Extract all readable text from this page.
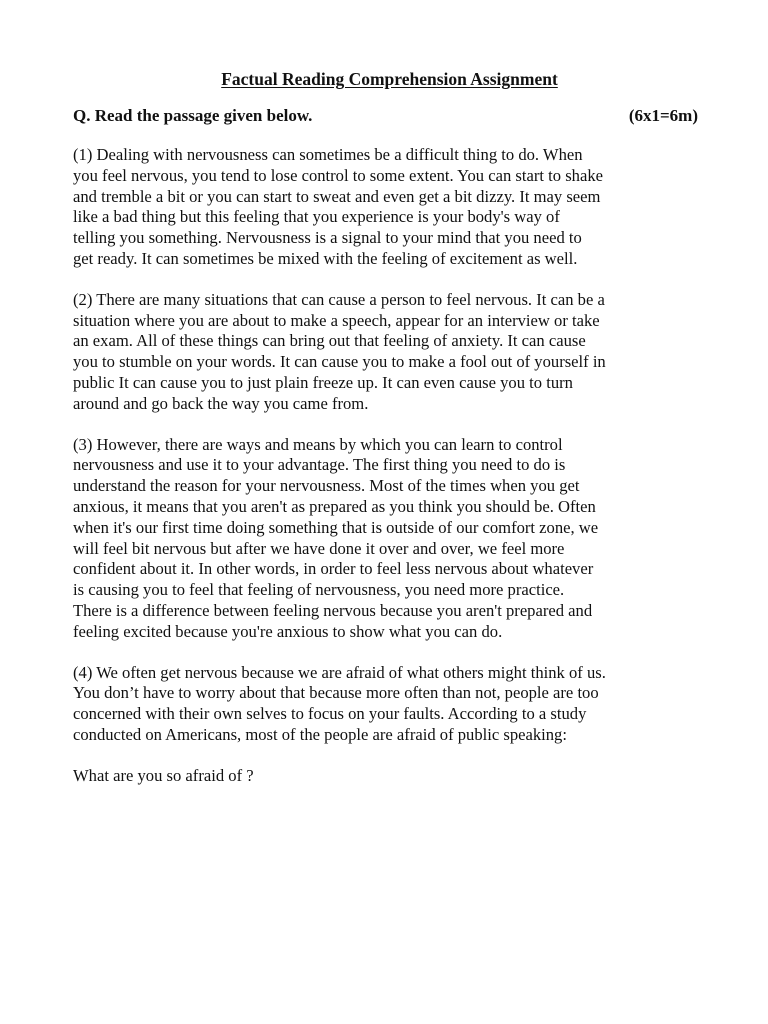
Factual Reading Comprehension Assignment
Q. Read the passage given below.	(6x1=6m)

(1) Dealing with nervousness can sometimes be a difficult thing to do. When
you feel nervous, you tend to lose control to some extent. You can start to shake
and tremble a bit or you can start to sweat and even get a bit dizzy. It may seem
like a bad thing but this feeling that you experience is your body's way of
telling you something. Nervousness is a signal to your mind that you need to
get ready. It can sometimes be mixed with the feeling of excitement as well.

(2) There are many situations that can cause a person to feel nervous. It can be a
situation where you are about to make a speech, appear for an interview or take
an exam. All of these things can bring out that feeling of anxiety. It can cause
you to stumble on your words. It can cause you to make a fool out of yourself in
public It can cause you to just plain freeze up. It can even cause you to turn
around and go back the way you came from.

(3) However, there are ways and means by which you can learn to control
nervousness and use it to your advantage. The first thing you need to do is
understand the reason for your nervousness. Most of the times when you get
anxious, it means that you aren't as prepared as you think you should be. Often
when it's our first time doing something that is outside of our comfort zone, we
will feel bit nervous but after we have done it over and over, we feel more
confident about it. In other words, in order to feel less nervous about whatever
is causing you to feel that feeling of nervousness, you need more practice.
There is a difference between feeling nervous because you aren't prepared and
feeling excited because you're anxious to show what you can do.

(4) We often get nervous because we are afraid of what others might think of us.
You don’t have to worry about that because more often than not, people are too
concerned with their own selves to focus on your faults. According to a study
conducted on Americans, most of the people are afraid of public speaking:

What are you so afraid of ?
